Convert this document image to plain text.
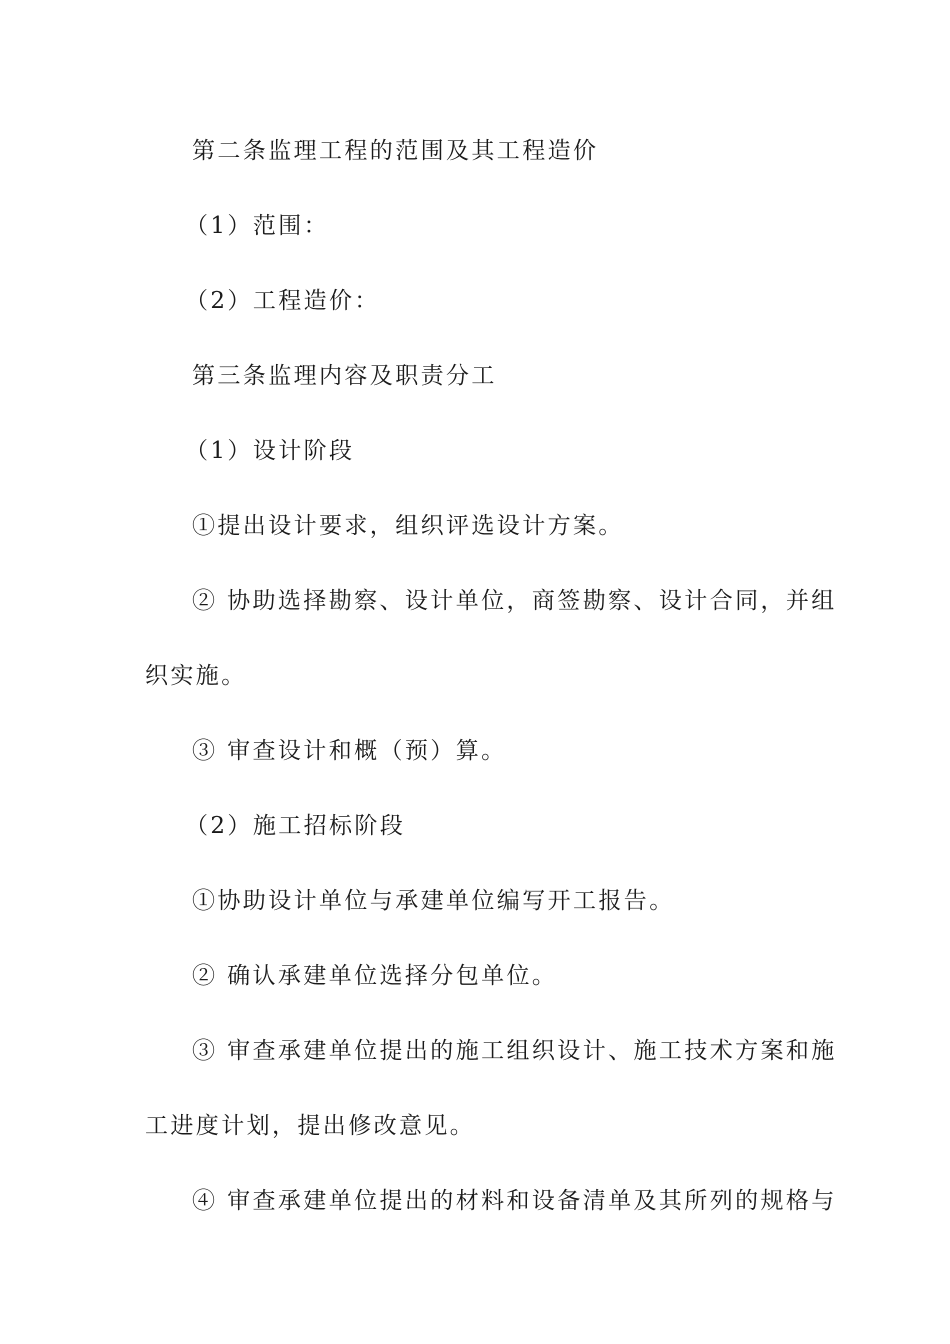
第二条监理工程的范围及其工程造价
（1）范围：
（2）工程造价：
第三条监理内容及职责分工
（1）设计阶段
①提出设计要求，组织评选设计方案。
② 协助选择勘察、设计单位，商签勘察、设计合同，并组
织实施。
③ 审查设计和概（预）算。
（2）施工招标阶段
①协助设计单位与承建单位编写开工报告。
② 确认承建单位选择分包单位。
③ 审查承建单位提出的施工组织设计、施工技术方案和施
工进度计划，提出修改意见。
④ 审查承建单位提出的材料和设备清单及其所列的规格与
